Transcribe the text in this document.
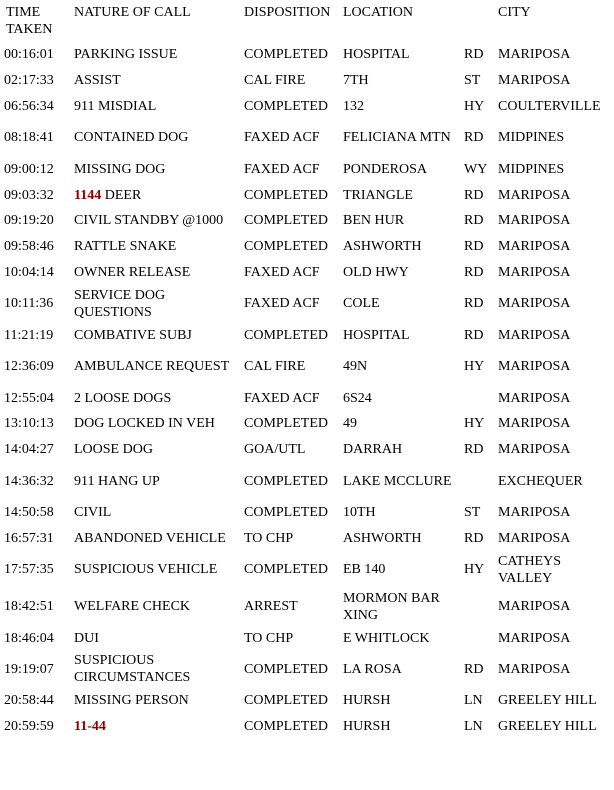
TIME TAKEN	NATURE OF CALL	DISPOSITION	LOCATION		CITY
00:16:01	PARKING ISSUE	COMPLETED	HOSPITAL	RD	MARIPOSA
02:17:33	ASSIST	CAL FIRE	7TH	ST	MARIPOSA
06:56:34	911 MISDIAL	COMPLETED	132	HY	COULTERVILLE
08:18:41	CONTAINED DOG	FAXED ACF	FELICIANA MTN	RD	MIDPINES
09:00:12	MISSING DOG	FAXED ACF	PONDEROSA	WY	MIDPINES
09:03:32	1144 DEER	COMPLETED	TRIANGLE	RD	MARIPOSA
09:19:20	CIVIL STANDBY @1000	COMPLETED	BEN HUR	RD	MARIPOSA
09:58:46	RATTLE SNAKE	COMPLETED	ASHWORTH	RD	MARIPOSA
10:04:14	OWNER RELEASE	FAXED ACF	OLD HWY	RD	MARIPOSA
10:11:36	SERVICE DOG QUESTIONS	FAXED ACF	COLE	RD	MARIPOSA
11:21:19	COMBATIVE SUBJ	COMPLETED	HOSPITAL	RD	MARIPOSA
12:36:09	AMBULANCE REQUEST	CAL FIRE	49N	HY	MARIPOSA
12:55:04	2 LOOSE DOGS	FAXED ACF	6S24		MARIPOSA
13:10:13	DOG LOCKED IN VEH	COMPLETED	49	HY	MARIPOSA
14:04:27	LOOSE DOG	GOA/UTL	DARRAH	RD	MARIPOSA
14:36:32	911 HANG UP	COMPLETED	LAKE MCCLURE		EXCHEQUER
14:50:58	CIVIL	COMPLETED	10TH	ST	MARIPOSA
16:57:31	ABANDONED VEHICLE	TO CHP	ASHWORTH	RD	MARIPOSA
17:57:35	SUSPICIOUS VEHICLE	COMPLETED	EB 140	HY	CATHEYS VALLEY
18:42:51	WELFARE CHECK	ARREST	MORMON BAR XING		MARIPOSA
18:46:04	DUI	TO CHP	E WHITLOCK		MARIPOSA
19:19:07	SUSPICIOUS CIRCUMSTANCES	COMPLETED	LA ROSA	RD	MARIPOSA
20:58:44	MISSING PERSON	COMPLETED	HURSH	LN	GREELEY HILL
20:59:59	11-44	COMPLETED	HURSH	LN	GREELEY HILL
